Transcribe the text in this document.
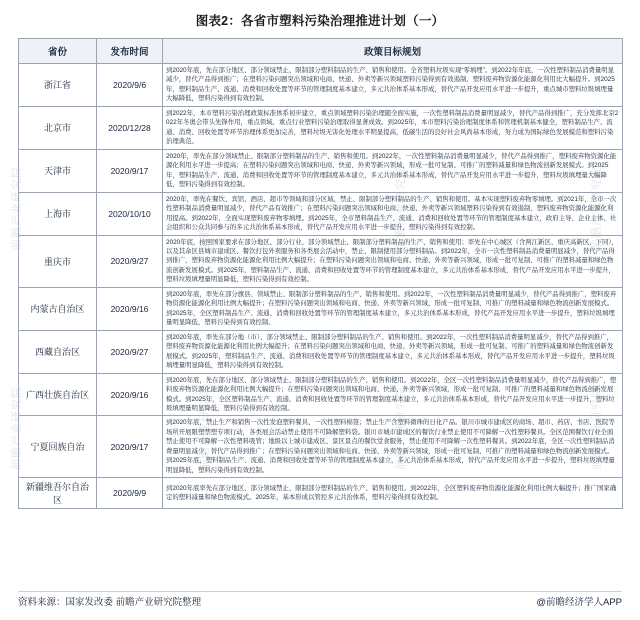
图表2：各省市塑料污染治理推进计划（一）
省份	发布时间	政策目标规划
浙江省	2020/9/6	到2020年底，先在部分地区、部分领域禁止、限制部分塑料制品的生产、销售和使用。全省塑料垃圾实现“零填埋”。到2022年年底，一次性塑料制品消费量明显减少，替代产品得到推广；在塑料污染问题突出领域和电商、快递、外卖等新兴领域塑料污染得到有效遏制，塑料废弃物资源化能源化利用比大幅提升。到2025年，塑料制品生产、流通、消费和回收处置等环节的管理制度基本建立，多元共治体系基本形成，替代产品开发应用水平进一步提升，重点城市塑料垃圾填埋量大幅降低，塑料污染得到有效控制。
北京市	2020/12/28	到2022年，本市塑料污染治理政策标准体系初步建立，重点领域塑料污染治理随全面实施，一次性塑料制品消费量明显减少，替代产品得到推广，充分发挥北京2022年冬奥会带头先锋作用，重点领域、重点行业塑料污染治理取得显著成效。到2025年，本市塑料污染治理制度体系和管理机制基本健全，塑料制品生产、流通、消费、回收处置等环节治理体系更加完善，塑料垃圾无害化处理水平明显提高，低碳生活的良好社会风尚基本形成，努力成为国际绿色发展模范和塑料污染治理典范。
天津市	2020/9/17	2020年，率先在部分领域禁止、限制部分塑料制品的生产、销售和使用。到2022年，一次性塑料制品消费量明显减少，替代产品得到推广，塑料废弃物资源化能源化利用水平进一步提高；在塑料污染问题突出领域和电商、快递、外卖等新兴领域，形成一批可复制、可推广的塑料减量和绿色物流创新发展模式。到2025年，塑料制品生产、流通、消费和回收处置等环节的管理制度基本建立，多元共治体系基本形成，替代产品开发应用水平进一步提升，塑料垃圾填埋量大幅降低，塑料污染得到有效控制。
上海市	2020/10/10	2020年，率先在餐饮、宾馆、酒店、超市等领域和部分区域，禁止、限制部分塑料制品的生产、销售和使用。基本实现塑料废弃物零填埋。到2021年，全市一次性塑料制品消费量明显减少，替代产品有效推广；在塑料污染问题突出领域和电商、快递、外卖等新兴领域塑料污染得到有效遏制，塑料废弃物资源化能源化利用提高。到2022年，全面实现塑料废弃物零填埋。到2025年，全市塑料制品生产、流通、消费和回收处置等环节的管理制度基本建立，政府主导、企业主体、社会组织和公众共同参与的多元共治体系基本形成，替代产品开发应用水平进一步提升，塑料污染得到有效控制。
重庆市	2020/9/27	2020年底，按照国家要求在部分地区、部分行业、部分领域禁止、限制部分塑料制品的生产、销售和使用；率先在中心城区（含两江新区、重庆高新区，下同），以及其余区县城市建成区、餐饮打包外卖服务和各类展会活动中，禁止、限制使用部分塑料制品。到2022年，全市一次性塑料制品消费量明显减少，替代产品得到推广，塑料废弃物资源化能源化利用比例大幅提升；在塑料污染问题突出领域和电商、快递、外卖等新兴领域，形成一批可复制、可推广的塑料减量和绿色物流创新发展模式。到2025年，塑料制品生产、流通、消费和回收处置等环节的管理制度基本建立，多元共治体系基本形成，替代产品开发应用水平进一步提升，塑料垃圾填埋量明显降低，塑料污染得到有效控制。
内蒙古自治区	2020/9/16	到2020年底，率先在部分旗县、领域禁止、限制部分塑料制品的生产、销售和使用。到2022年，一次性塑料制品消费量明显减少，替代产品得到推广，塑料废弃物资源化能源化利用比例大幅提升；在塑料污染问题突出领域和电商、快递、外卖等新兴领域，形成一批可复制、可推广的塑料减量和绿色物流创新发展模式。到2025年，全区塑料制品生产、流通、消费和回收处置等环节的管理制度基本建立，多元共治体系基本形成，替代产品开发应用水平进一步提升，塑料垃圾填埋量明显降低，塑料污染得到有效控制。
西藏自治区	2020/9/27	到2020年底，率先在部分地（市）、部分领域禁止、限制部分塑料制品的生产、销售和使用。到2022年，一次性塑料制品消费量明显减少，替代产品得到推广，塑料废弃物资源化能源化利用比例大幅提升；在塑料污染问题突出领域和电商、快递、外卖等新兴领域，形成一批可复制、可推广的塑料减量和绿色物流创新发展模式。到2025年，塑料制品生产、流通、消费和回收处置等环节的管理制度基本建立，多元共治体系基本形成，替代产品开发应用水平进一步提升，塑料垃圾填埋量明显降低，塑料污染得到有效控制。
广西壮族自治区	2020/9/16	到2020年底，先在部分地区、部分领域禁止、限制部分塑料制品的生产、销售和使用。到2022年，全区一次性塑料制品消费量明显减少，替代产品得到推广，塑料废弃物资源化能源化利用比例大幅提升；在塑料污染问题突出领域和电商、快递、外卖等新兴领域，形成一批可复制、可推广的塑料减量和绿色物流创新发展模式。到2025年，全区塑料制品生产、流通、消费和回收处置等环节的管理制度基本建立，多元共治体系基本形成，替代产品开发应用水平进一步提升，塑料垃圾填埋量明显降低，塑料污染得到有效控制。
宁夏回族自治	2020/9/17	到2020年底，禁止生产和销售一次性发泡塑料餐具、一次性塑料棉签；禁止生产含塑料微珠的日化产品。银川市城市建成区的商场、超市、药店、书店、医院等场所开展限塑禁塑专项行动，各类展会活动禁止使用不可降解塑料袋。银川市城市建成区的餐饮行业禁止使用不可降解一次性塑料餐具。全区范围餐饮行业全面禁止使用不可降解一次性塑料吸管；地级以上城市建成区、景区景点的餐饮堂食服务，禁止使用不可降解一次性塑料餐具。到2022年底，全区一次性塑料制品消费量明显减少，替代产品得到推广；在塑料污染问题突出领域和电商、快递、外卖等新兴领域，形成一批可复制、可推广的塑料减量和绿色物流创新发展模式。到2025年底，塑料制品生产、流通、消费和回收处置等环节的管理制度基本建立，多元共治体系基本形成，替代产品开发应用水平进一步提升，塑料垃圾填埋量明显降低，塑料污染得到有效控制。
新疆维吾尔自治区	2020/9/9	到2020年底率先在部分地区、部分领域禁止、限制部分塑料制品的生产、销售和使用。到2022年，全区塑料废弃物资源化能源化利用比例大幅提升；推广国家确定的塑料减量和绿色物流模式。2025年，基本形成以管控多元共治体系，塑料污染得到有效控制。
资料来源：国家发改委 前瞻产业研究院整理	@前瞻经济学人APP
前瞻产业研究院
前瞻产业研究院
前瞻产业研究院
前瞻产业研究院
前瞻产业研究院
前瞻产业研究院
前瞻产业研究院
前瞻产业研究院
